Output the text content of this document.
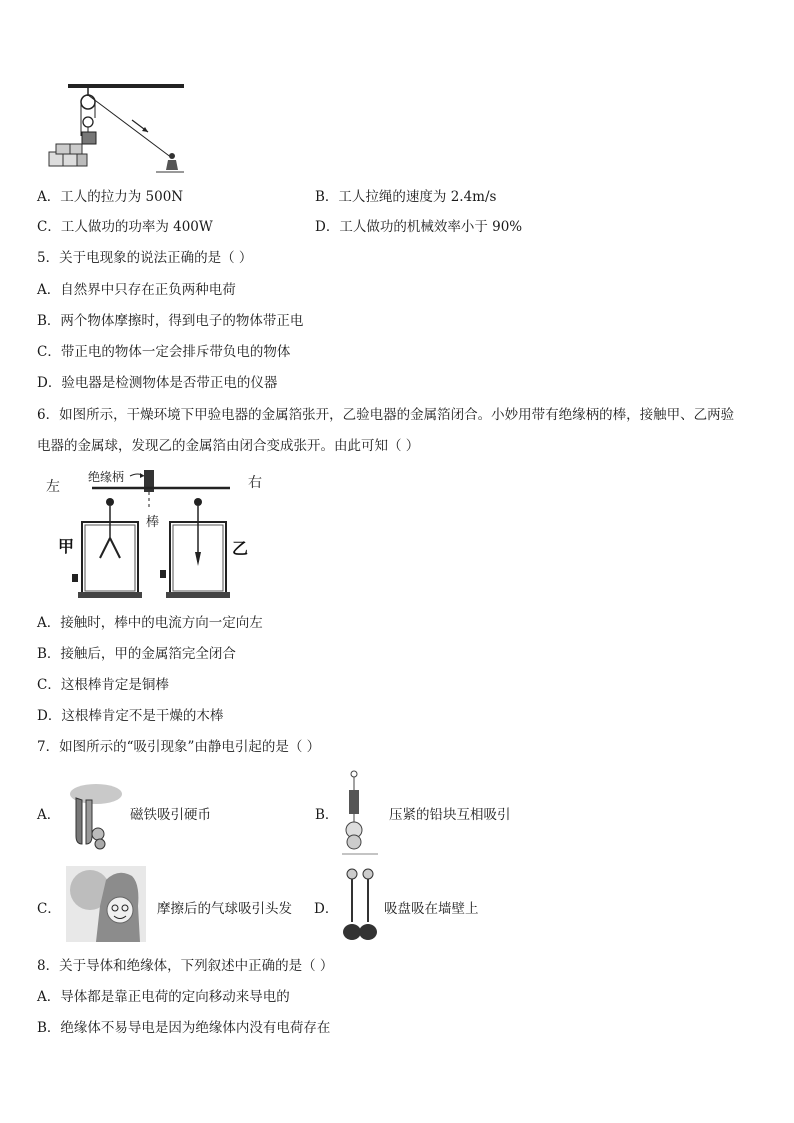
A．工人的拉力为 500N	B．工人拉绳的速度为 2.4m/s
C．工人做功的功率为 400W	D．工人做功的机械效率小于 90%
5．关于电现象的说法正确的是（ ）
A．自然界中只存在正负两种电荷
B．两个物体摩擦时，得到电子的物体带正电
C．带正电的物体一定会排斥带负电的物体
D．验电器是检测物体是否带正电的仪器
6．如图所示，干燥环境下甲验电器的金属箔张开，乙验电器的金属箔闭合。小妙用带有绝缘柄的棒，接触甲、乙两验
电器的金属球，发现乙的金属箔由闭合变成张开。由此可知（ ）
左	右
绝缘柄
棒
甲	乙
A．接触时，棒中的电流方向一定向左
B．接触后，甲的金属箔完全闭合
C．这根棒肯定是铜棒
D．这根棒肯定不是干燥的木棒
7．如图所示的“吸引现象”由静电引起的是（ ）
A．	磁铁吸引硬币	B．	压紧的铅块互相吸引
C．	摩擦后的气球吸引头发 D．	吸盘吸在墙壁上
8．关于导体和绝缘体，下列叙述中正确的是（ ）
A．导体都是靠正电荷的定向移动来导电的
B．绝缘体不易导电是因为绝缘体内没有电荷存在
